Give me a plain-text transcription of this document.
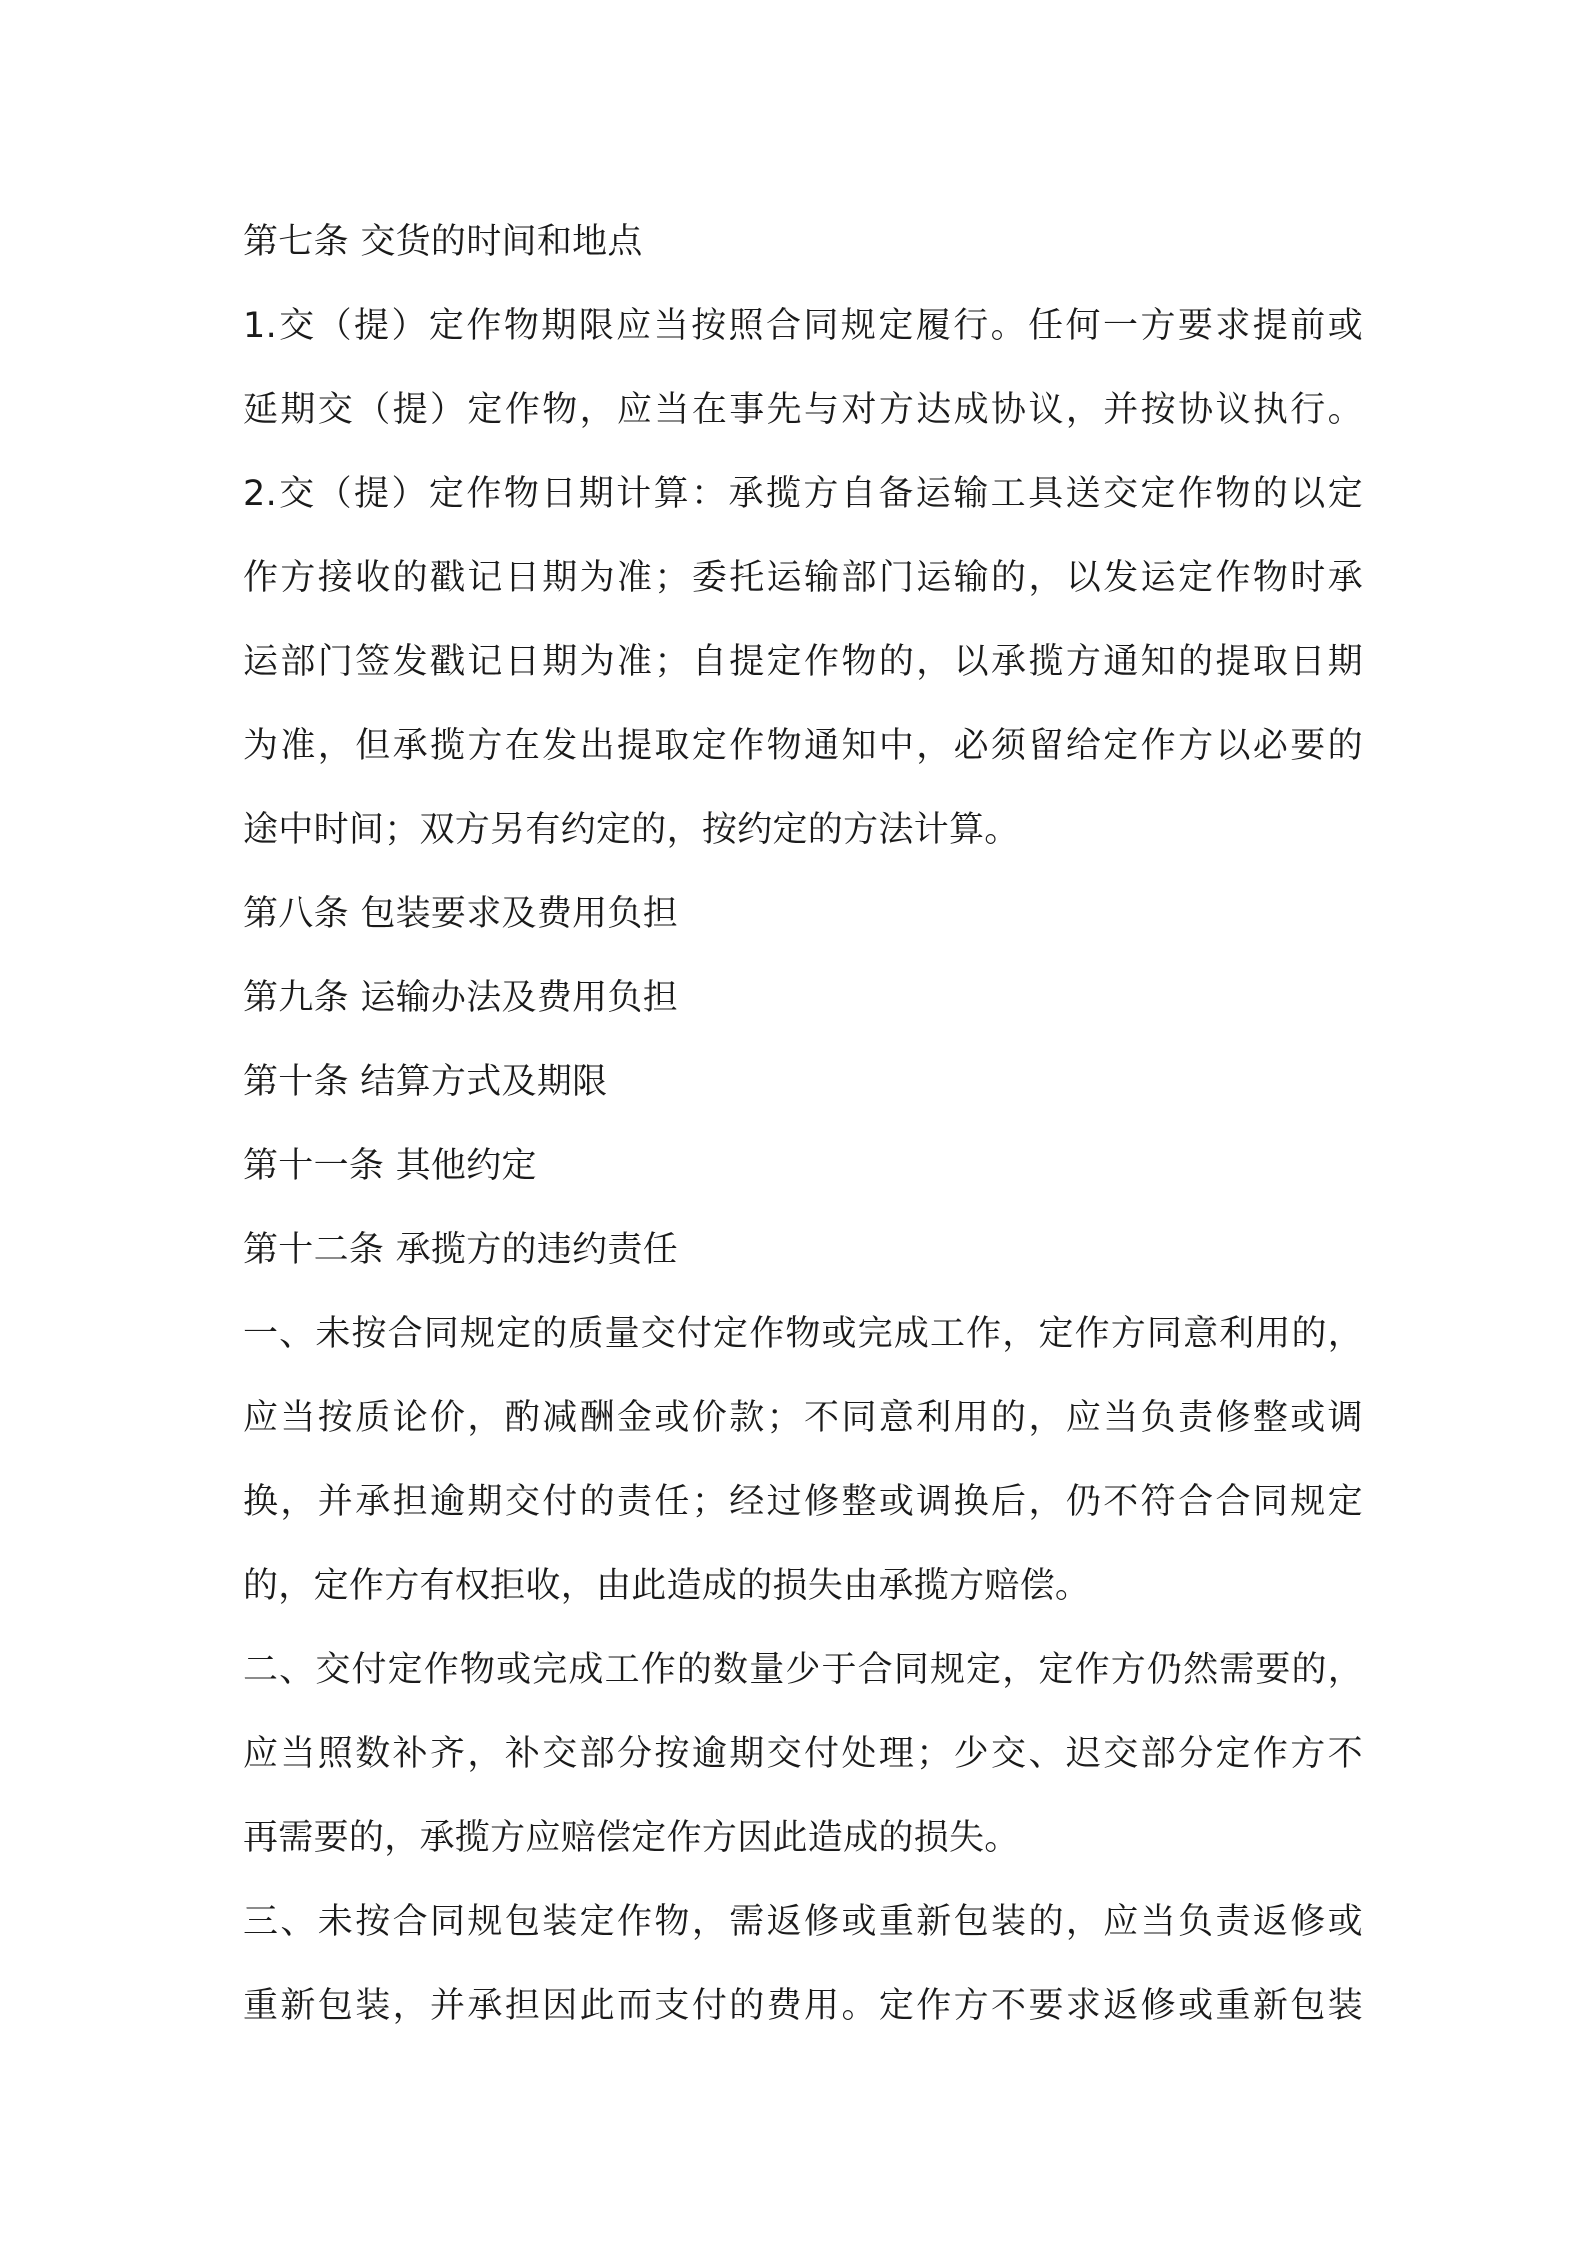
第七条 交货的时间和地点
1.交（提）定作物期限应当按照合同规定履行。任何一方要求提前或
延期交（提）定作物，应当在事先与对方达成协议，并按协议执行。
2.交（提）定作物日期计算：承揽方自备运输工具送交定作物的以定
作方接收的戳记日期为准；委托运输部门运输的，以发运定作物时承
运部门签发戳记日期为准；自提定作物的，以承揽方通知的提取日期
为准，但承揽方在发出提取定作物通知中，必须留给定作方以必要的
途中时间；双方另有约定的，按约定的方法计算。
第八条 包装要求及费用负担
第九条 运输办法及费用负担
第十条 结算方式及期限
第十一条 其他约定
第十二条 承揽方的违约责任
一、未按合同规定的质量交付定作物或完成工作，定作方同意利用的，
应当按质论价，酌减酬金或价款；不同意利用的，应当负责修整或调
换，并承担逾期交付的责任；经过修整或调换后，仍不符合合同规定
的，定作方有权拒收，由此造成的损失由承揽方赔偿。
二、交付定作物或完成工作的数量少于合同规定，定作方仍然需要的，
应当照数补齐，补交部分按逾期交付处理；少交、迟交部分定作方不
再需要的，承揽方应赔偿定作方因此造成的损失。
三、未按合同规包装定作物，需返修或重新包装的，应当负责返修或
重新包装，并承担因此而支付的费用。定作方不要求返修或重新包装
